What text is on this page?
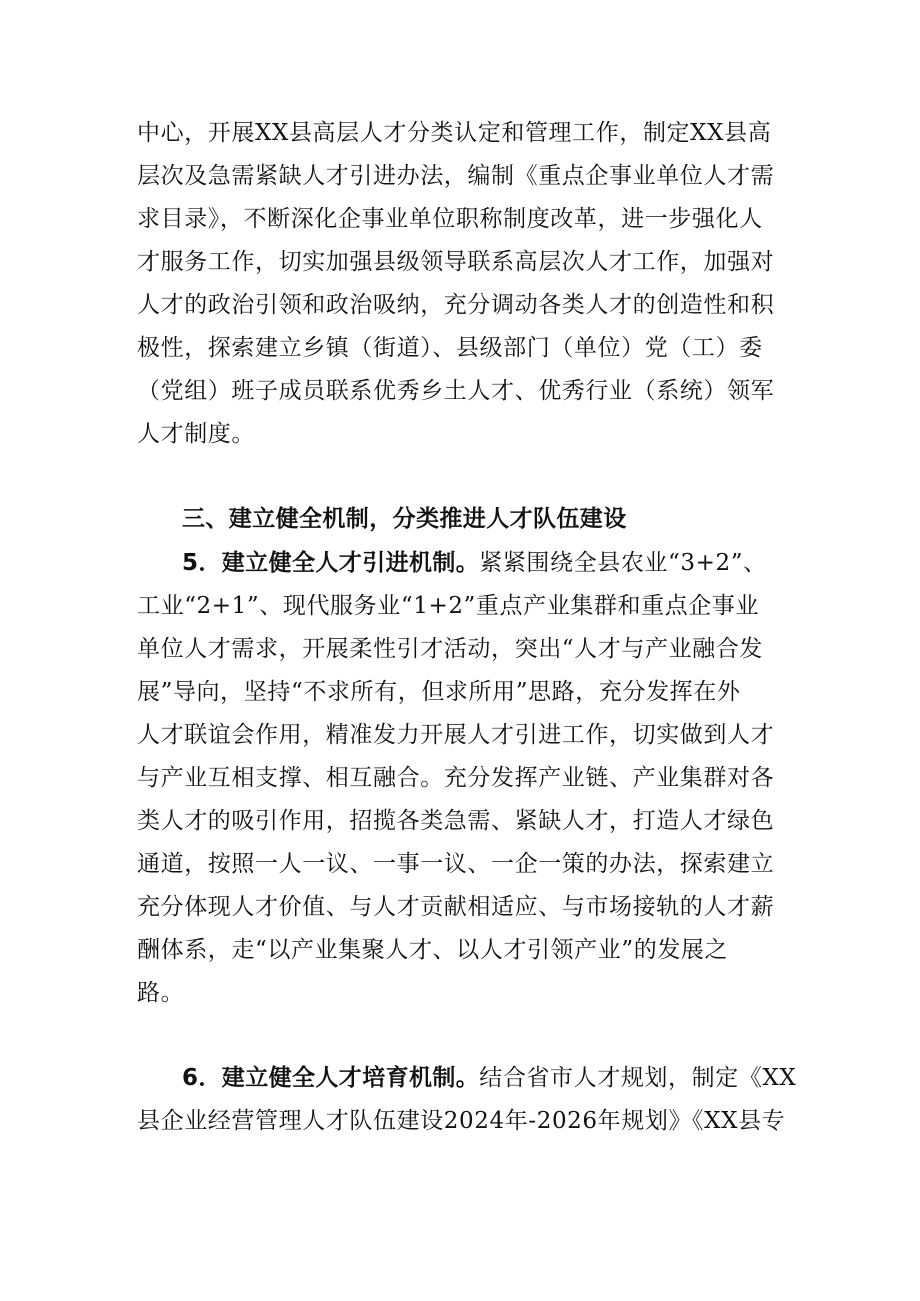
中心，开展XX县高层人才分类认定和管理工作，制定XX县高
层次及急需紧缺人才引进办法，编制《重点企事业单位人才需
求目录》，不断深化企事业单位职称制度改革，进一步强化人
才服务工作，切实加强县级领导联系高层次人才工作，加强对
人才的政治引领和政治吸纳，充分调动各类人才的创造性和积
极性，探索建立乡镇（街道）、县级部门（单位）党（工）委
（党组）班子成员联系优秀乡土人才、优秀行业（系统）领军
人才制度。
三、建立健全机制，分类推进人才队伍建设
5．建立健全人才引进机制。紧紧围绕全县农业“3+2”、
工业“2+1”、现代服务业“1+2”重点产业集群和重点企事业
单位人才需求，开展柔性引才活动，突出“人才与产业融合发
展”导向，坚持“不求所有，但求所用”思路，充分发挥在外
人才联谊会作用，精准发力开展人才引进工作，切实做到人才
与产业互相支撑、相互融合。充分发挥产业链、产业集群对各
类人才的吸引作用，招揽各类急需、紧缺人才，打造人才绿色
通道，按照一人一议、一事一议、一企一策的办法，探索建立
充分体现人才价值、与人才贡献相适应、与市场接轨的人才薪
酬体系，走“以产业集聚人才、以人才引领产业”的发展之
路。
6．建立健全人才培育机制。结合省市人才规划，制定《XX
县企业经营管理人才队伍建设2024年-2026年规划》《XX县专
